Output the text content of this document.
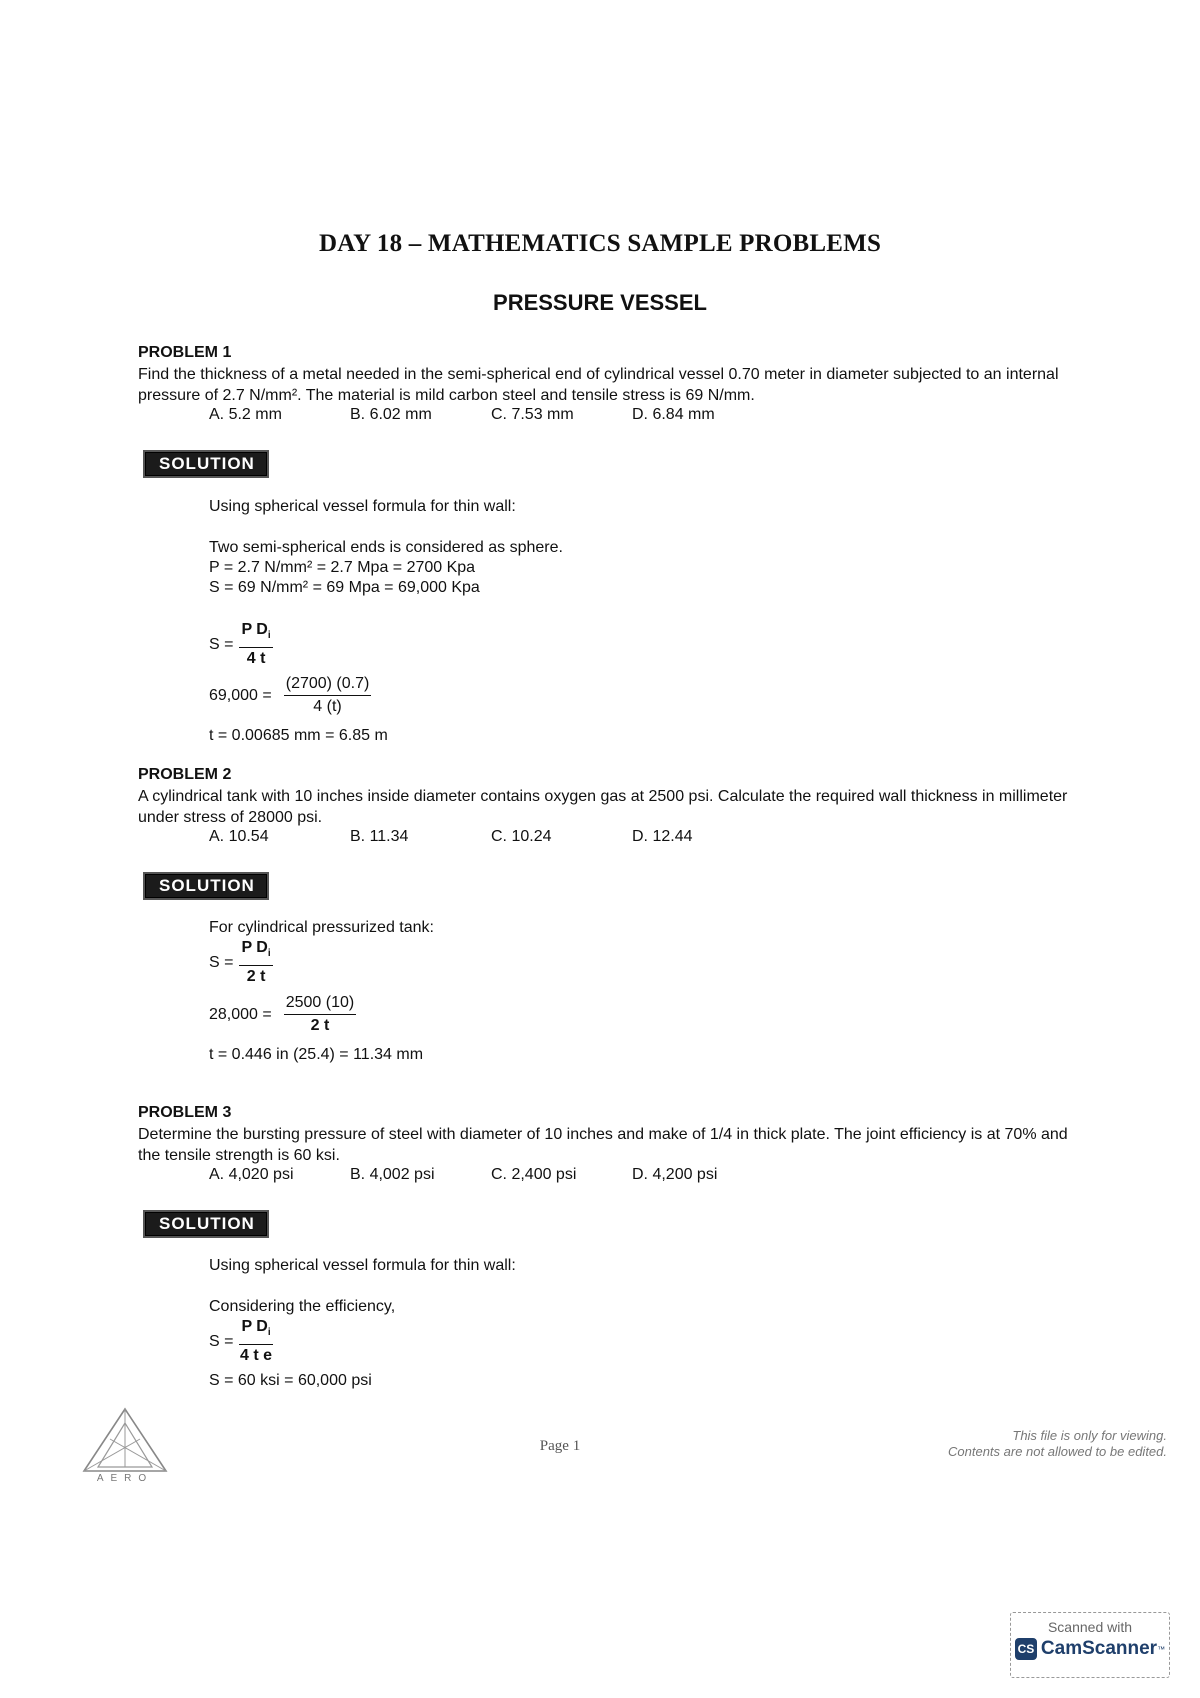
DAY 18 – MATHEMATICS SAMPLE PROBLEMS
PRESSURE VESSEL
PROBLEM 1
Find the thickness of a metal needed in the semi-spherical end of cylindrical vessel 0.70 meter in diameter subjected to an internal pressure of 2.7 N/mm². The material is mild carbon steel and tensile stress is 69 N/mm.
A. 5.2 mm	B. 6.02 mm	C. 7.53 mm	D. 6.84 mm
SOLUTION
Using spherical vessel formula for thin wall:
Two semi-spherical ends is considered as sphere.
P = 2.7 N/mm² = 2.7 Mpa = 2700 Kpa
S = 69 N/mm² = 69 Mpa = 69,000 Kpa
$S = \frac{P D_i}{4 t}$
$69,000 = \frac{(2700) (0.7)}{4 (t)}$
t = 0.00685 mm = 6.85 m
PROBLEM 2
A cylindrical tank with 10 inches inside diameter contains oxygen gas at 2500 psi. Calculate the required wall thickness in millimeter under stress of 28000 psi.
A. 10.54	B. 11.34	C. 10.24	D. 12.44
SOLUTION
For cylindrical pressurized tank:
$S = \frac{P D_i}{2 t}$
$28,000 = \frac{2500 (10)}{2 t}$
t = 0.446 in (25.4) = 11.34 mm
PROBLEM 3
Determine the bursting pressure of steel with diameter of 10 inches and make of 1/4 in thick plate. The joint efficiency is at 70% and the tensile strength is 60 ksi.
A. 4,020 psi	B. 4,002 psi	C. 2,400 psi	D. 4,200 psi
SOLUTION
Using spherical vessel formula for thin wall:
Considering the efficiency,
$S = \frac{P D_i}{\text{4 t e}}$
S = 60 ksi = 60,000 psi
AERO
Page 1
This file is only for viewing.
Contents are not allowed to be edited.
Scanned with
CS CamScanner ™
